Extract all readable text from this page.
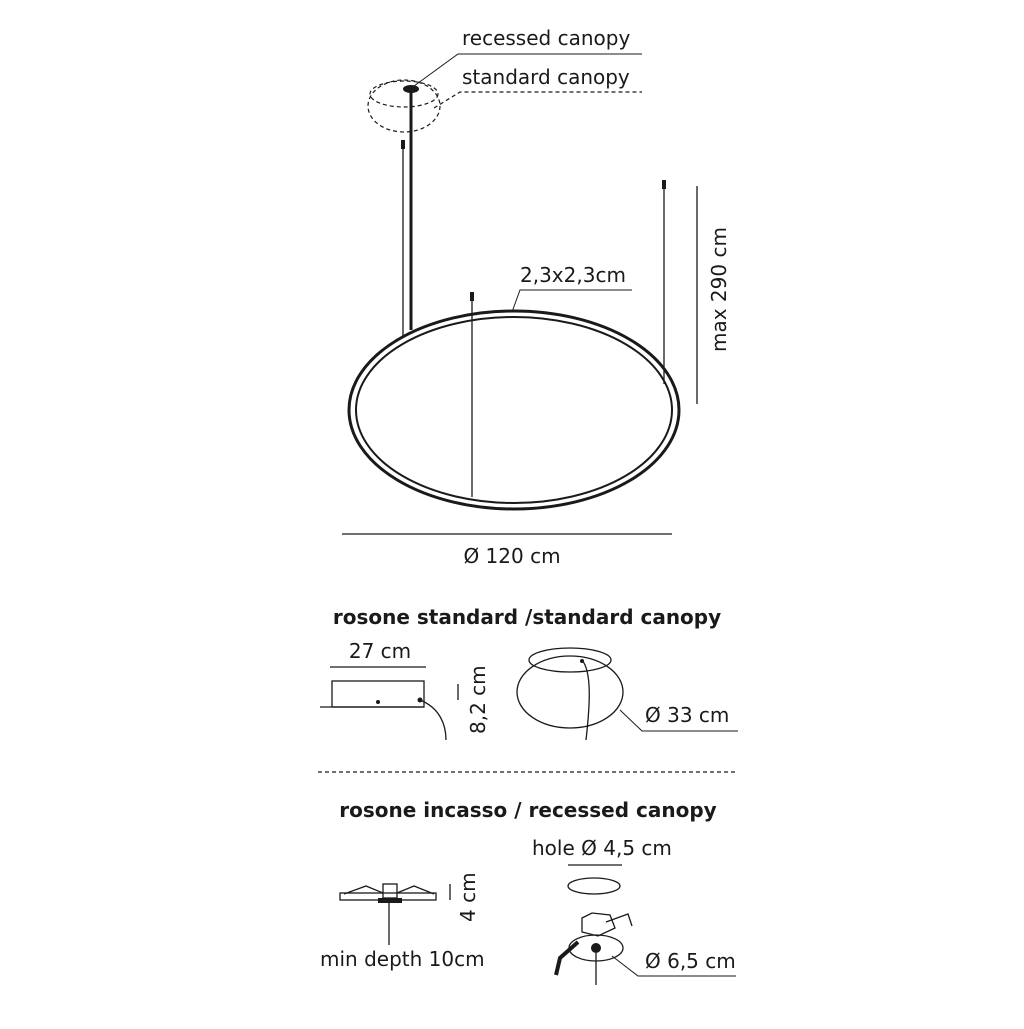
recessed canopy
standard canopy
2,3x2,3cm	max 290 cm
Ø 120 cm
rosone standard /standard canopy
27 cm
8,2 cm	Ø 33 cm
rosone incasso / recessed canopy
4 cm
min depth 10cm
hole Ø 4,5 cm
Ø 6,5 cm
